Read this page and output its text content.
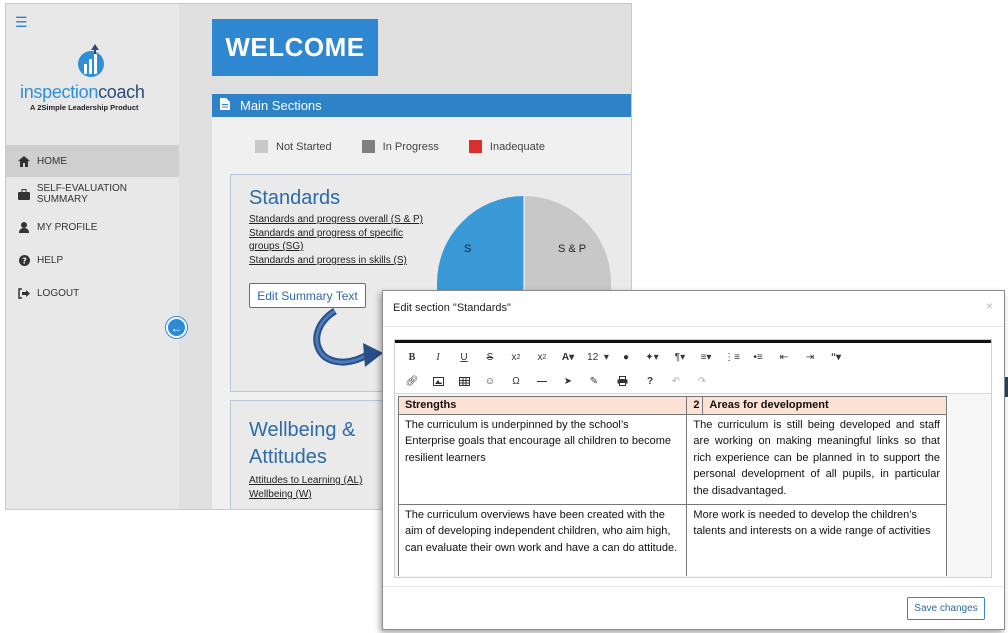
☰
inspectioncoach
A 2Simple Leadership Product
HOME
SELF-EVALUATION SUMMARY
MY PROFILE
? HELP
LOGOUT
←
WELCOME
Main Sections
Not Started	In Progress	Inadequate
Standards
Standards and progress overall (S & P)
Standards and progress of specific groups (SG)
Standards and progress in skills (S)
Edit Summary Text
S	S & P
Wellbeing &
Attitudes
Attitudes to Learning (AL)
Wellbeing (W)
Edit section "Standards"	×
B	I	U	S	x 2	x 2	A▾	12 ▾	●	✦▾	¶▾	≡▾	⋮≡	•≡	⇤	⇥	“▾
🔗︎	☺	Ω	—	➤	✎	?	↶	↷
Strengths	2 Areas for development

The curriculum is underpinned by the school’s Enterprise goals that encourage all children to become resilient learners	The curriculum is still being developed and staff are working on making meaningful links so that rich experience can be planned in to support the personal development of all pupils, in particular the disadvantaged.
The curriculum overviews have been created with the aim of developing independent children, who aim high, can evaluate their own work and have a can do attitude.	More work is needed to develop the children’s talents and interests on a wide range of activities
Save changes
